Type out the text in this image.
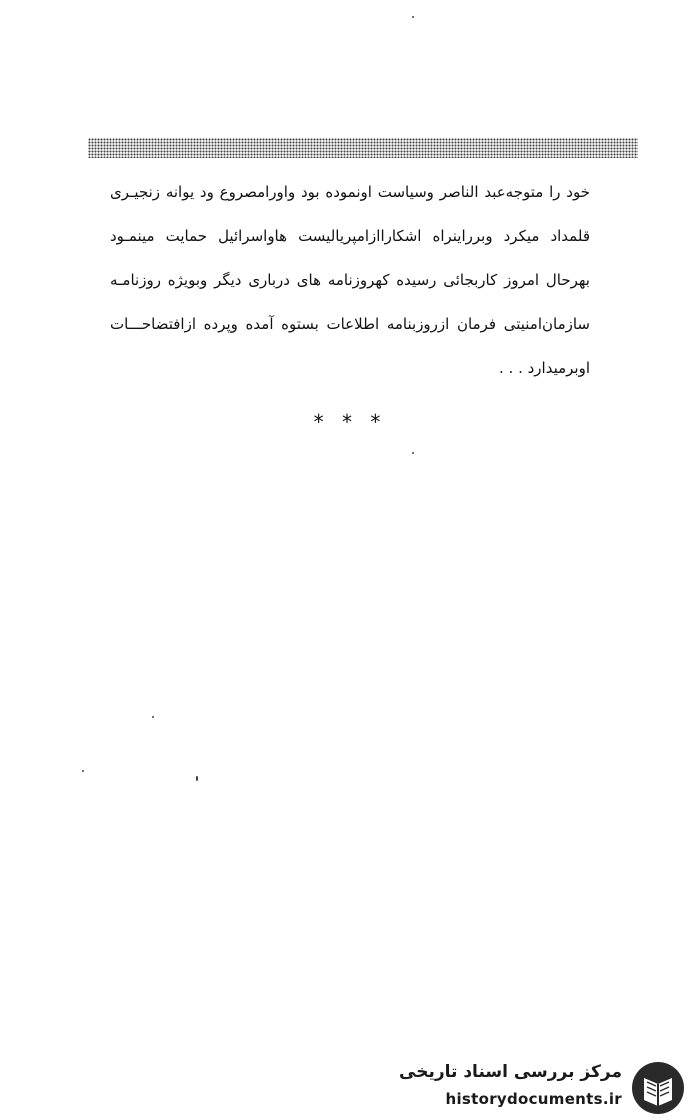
خود را متوجه‌عبد الناصر وسیاست اونموده بود واورامصروع ود یوانه زنجیـری
قلمداد میکرد وبرراینراه اشکاراازامپریالیست هاواسرائیل حمایت مینمـود
بهرحال امروز کاربجائی رسیده کهروزنامه های درباری دیگر وبویژه روزنامـه
سازمان‌امنیتی فرمان ازروزبنامه اطلاعات بستوه آمده وپرده ازافتضاحـــات
اوبرمیدارد . . .
* * *
مرکز بررسی اسناد تاریخی
historydocuments.ir
